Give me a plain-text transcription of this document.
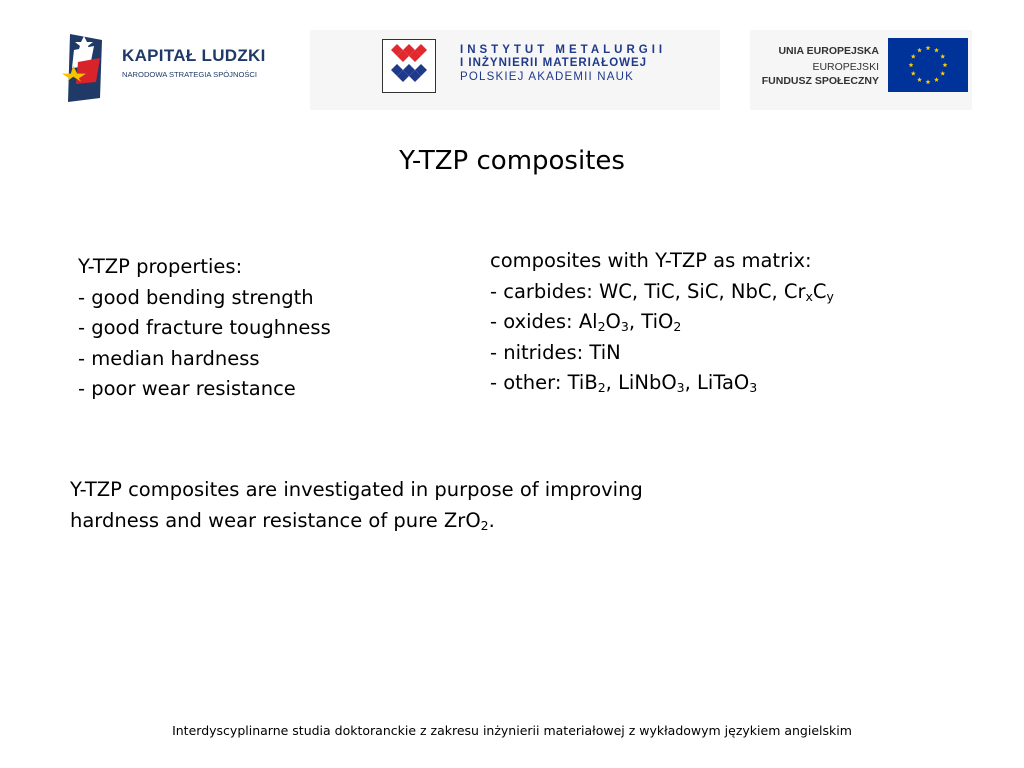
KAPITAŁ LUDZKI
NARODOWA STRATEGIA SPÓJNOŚCI
INSTYTUT METALURGII
I INŻYNIERII MATERIAŁOWEJ
POLSKIEJ AKADEMII NAUK
UNIA EUROPEJSKA
EUROPEJSKI
FUNDUSZ SPOŁECZNY
Y-TZP composites
Y-TZP properties:
- good bending strength
- good fracture toughness
- median hardness
- poor wear resistance
composites with Y-TZP as matrix:
- carbides: WC, TiC, SiC, NbC, $Cr_xC_y$
- oxides: $Al_2O_3$, TiO$_2$
- nitrides: TiN
- other: TiB$_2$, LiNbO$_3$, LiTaO$_3$

Y-TZP composites are investigated in purpose of improving hardness and wear resistance of pure ZrO$_2$.

Interdyscyplinarne studia doktoranckie z zakresu inżynierii materiałowej z wykładowym językiem angielskim
